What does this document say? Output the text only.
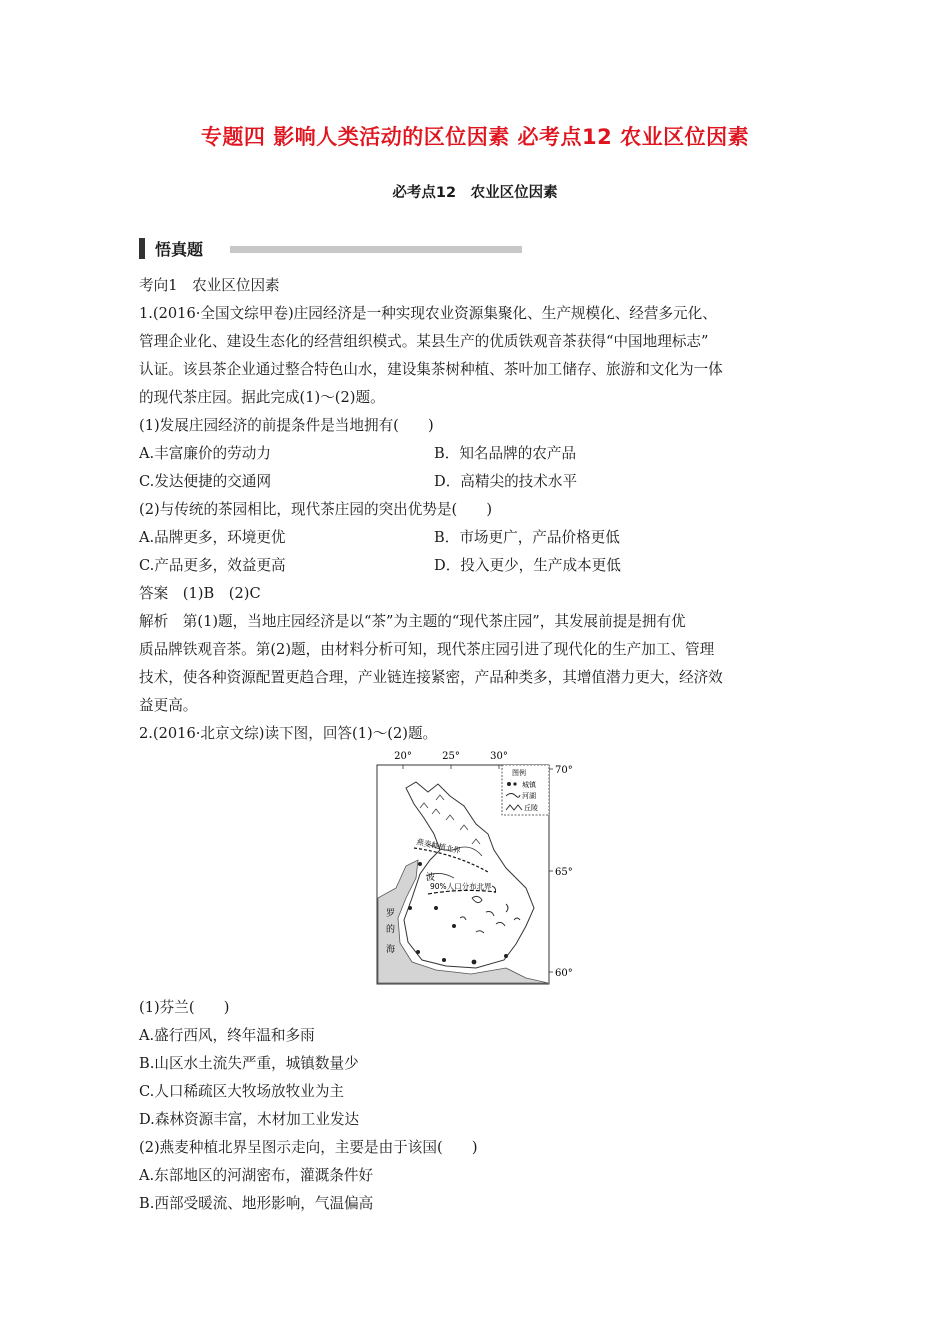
专题四 影响人类活动的区位因素 必考点12 农业区位因素
必考点12　农业区位因素
悟真题
考向1　农业区位因素
1.(2016·全国文综甲卷)庄园经济是一种实现农业资源集聚化、生产规模化、经营多元化、
管理企业化、建设生态化的经营组织模式。某县生产的优质铁观音茶获得“中国地理标志”
认证。该县茶企业通过整合特色山水，建设集茶树种植、茶叶加工储存、旅游和文化为一体
的现代茶庄园。据此完成(1)～(2)题。
(1)发展庄园经济的前提条件是当地拥有(　　)
A.丰富廉价的劳动力	B．知名品牌的农产品
C.发达便捷的交通网	D．高精尖的技术水平
(2)与传统的茶园相比，现代茶庄园的突出优势是(　　)
A.品牌更多，环境更优	B．市场更广，产品价格更低
C.产品更多，效益更高	D．投入更少，生产成本更低
答案　(1)B　(2)C
解析　第(1)题，当地庄园经济是以“茶”为主题的“现代茶庄园”，其发展前提是拥有优
质品牌铁观音茶。第(2)题，由材料分析可知，现代茶庄园引进了现代化的生产加工、管理
技术，使各种资源配置更趋合理，产业链连接紧密，产品种类多，其增值潜力更大，经济效
益更高。
2.(2016·北京文综)读下图，回答(1)～(2)题。
20°	25°	30°
70°
65°
60°
燕麦种植北界
90%人口分布北界
波
罗
的
海
图例
城镇
河湖
丘陵
(1)芬兰(　　)
A.盛行西风，终年温和多雨
B.山区水土流失严重，城镇数量少
C.人口稀疏区大牧场放牧业为主
D.森林资源丰富，木材加工业发达
(2)燕麦种植北界呈图示走向，主要是由于该国(　　)
A.东部地区的河湖密布，灌溉条件好
B.西部受暖流、地形影响，气温偏高
